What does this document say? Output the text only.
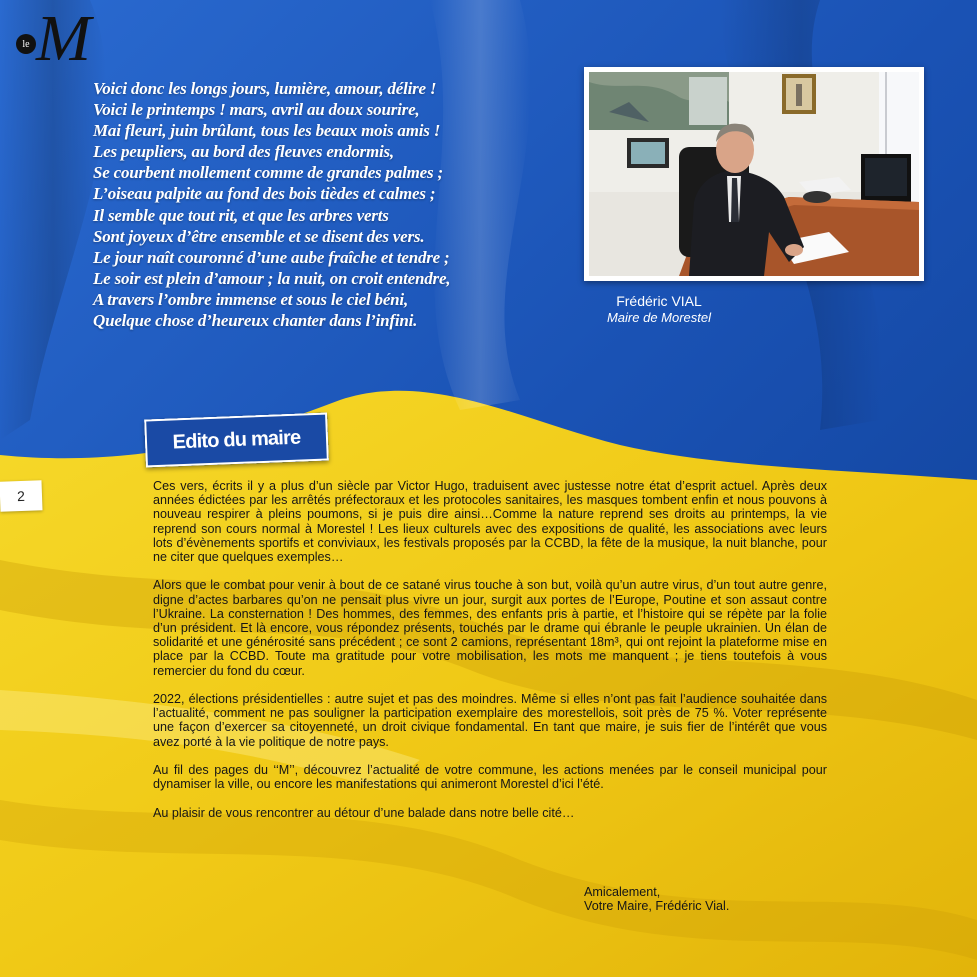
le M
Voici donc les longs jours, lumière, amour, délire !
Voici le printemps ! mars, avril au doux sourire,
Mai fleuri, juin brûlant, tous les beaux mois amis !
Les peupliers, au bord des fleuves endormis,
Se courbent mollement comme de grandes palmes ;
L’oiseau palpite au fond des bois tièdes et calmes ;
Il semble que tout rit, et que les arbres verts
Sont joyeux d’être ensemble et se disent des vers.
Le jour naît couronné d’une aube fraîche et tendre ;
Le soir est plein d’amour ; la nuit, on croit entendre,
A travers l’ombre immense et sous le ciel béni,
Quelque chose d’heureux chanter dans l’infini.
Frédéric VIAL
Maire de Morestel
Edito du maire
2

Ces vers, écrits il y a plus d’un siècle par Victor Hugo, traduisent avec justesse notre état d’esprit actuel. Après deux années édictées par les arrêtés préfectoraux et les protocoles sanitaires, les masques tombent enfin et nous pouvons à nouveau respirer à pleins poumons, si je puis dire ainsi…Comme la nature reprend ses droits au printemps, la vie reprend son cours normal à Morestel ! Les lieux culturels avec des expositions de qualité, les associations avec leurs lots d’évènements sportifs et conviviaux, les festivals proposés par la CCBD, la fête de la musique, la nuit blanche, pour ne citer que quelques exemples…

Alors que le combat pour venir à bout de ce satané virus touche à son but, voilà qu’un autre virus, d’un tout autre genre, digne d’actes barbares qu’on ne pensait plus vivre un jour, surgit aux portes de l’Europe, Poutine et son assaut contre l’Ukraine. La consternation ! Des hommes, des femmes, des enfants pris à partie, et l’histoire qui se répète par la folie d’un président. Et là encore, vous répondez présents, touchés par le drame qui ébranle le peuple ukrainien. Un élan de solidarité et une générosité sans précédent ; ce sont 2 camions, représentant 18m³, qui ont rejoint la plateforme mise en place par la CCBD. Toute ma gratitude pour votre mobilisation, les mots me manquent ; je tiens toutefois à vous remercier du fond du cœur.

2022, élections présidentielles : autre sujet et pas des moindres. Même si elles n’ont pas fait l’audience souhaitée dans l’actualité, comment ne pas souligner la participation exemplaire des morestellois, soit près de 75 %. Voter représente une façon d’exercer sa citoyenneté, un droit civique fondamental. En tant que maire, je suis fier de l’intérêt que vous avez porté à la vie politique de notre pays.

Au fil des pages du ‘‘M’’, découvrez l’actualité de votre commune, les actions menées par le conseil municipal pour dynamiser la ville, ou encore les manifestations qui animeront Morestel d’ici l’été.

Au plaisir de vous rencontrer au détour d’une balade dans notre belle cité…

Amicalement,
Votre Maire, Frédéric Vial.
